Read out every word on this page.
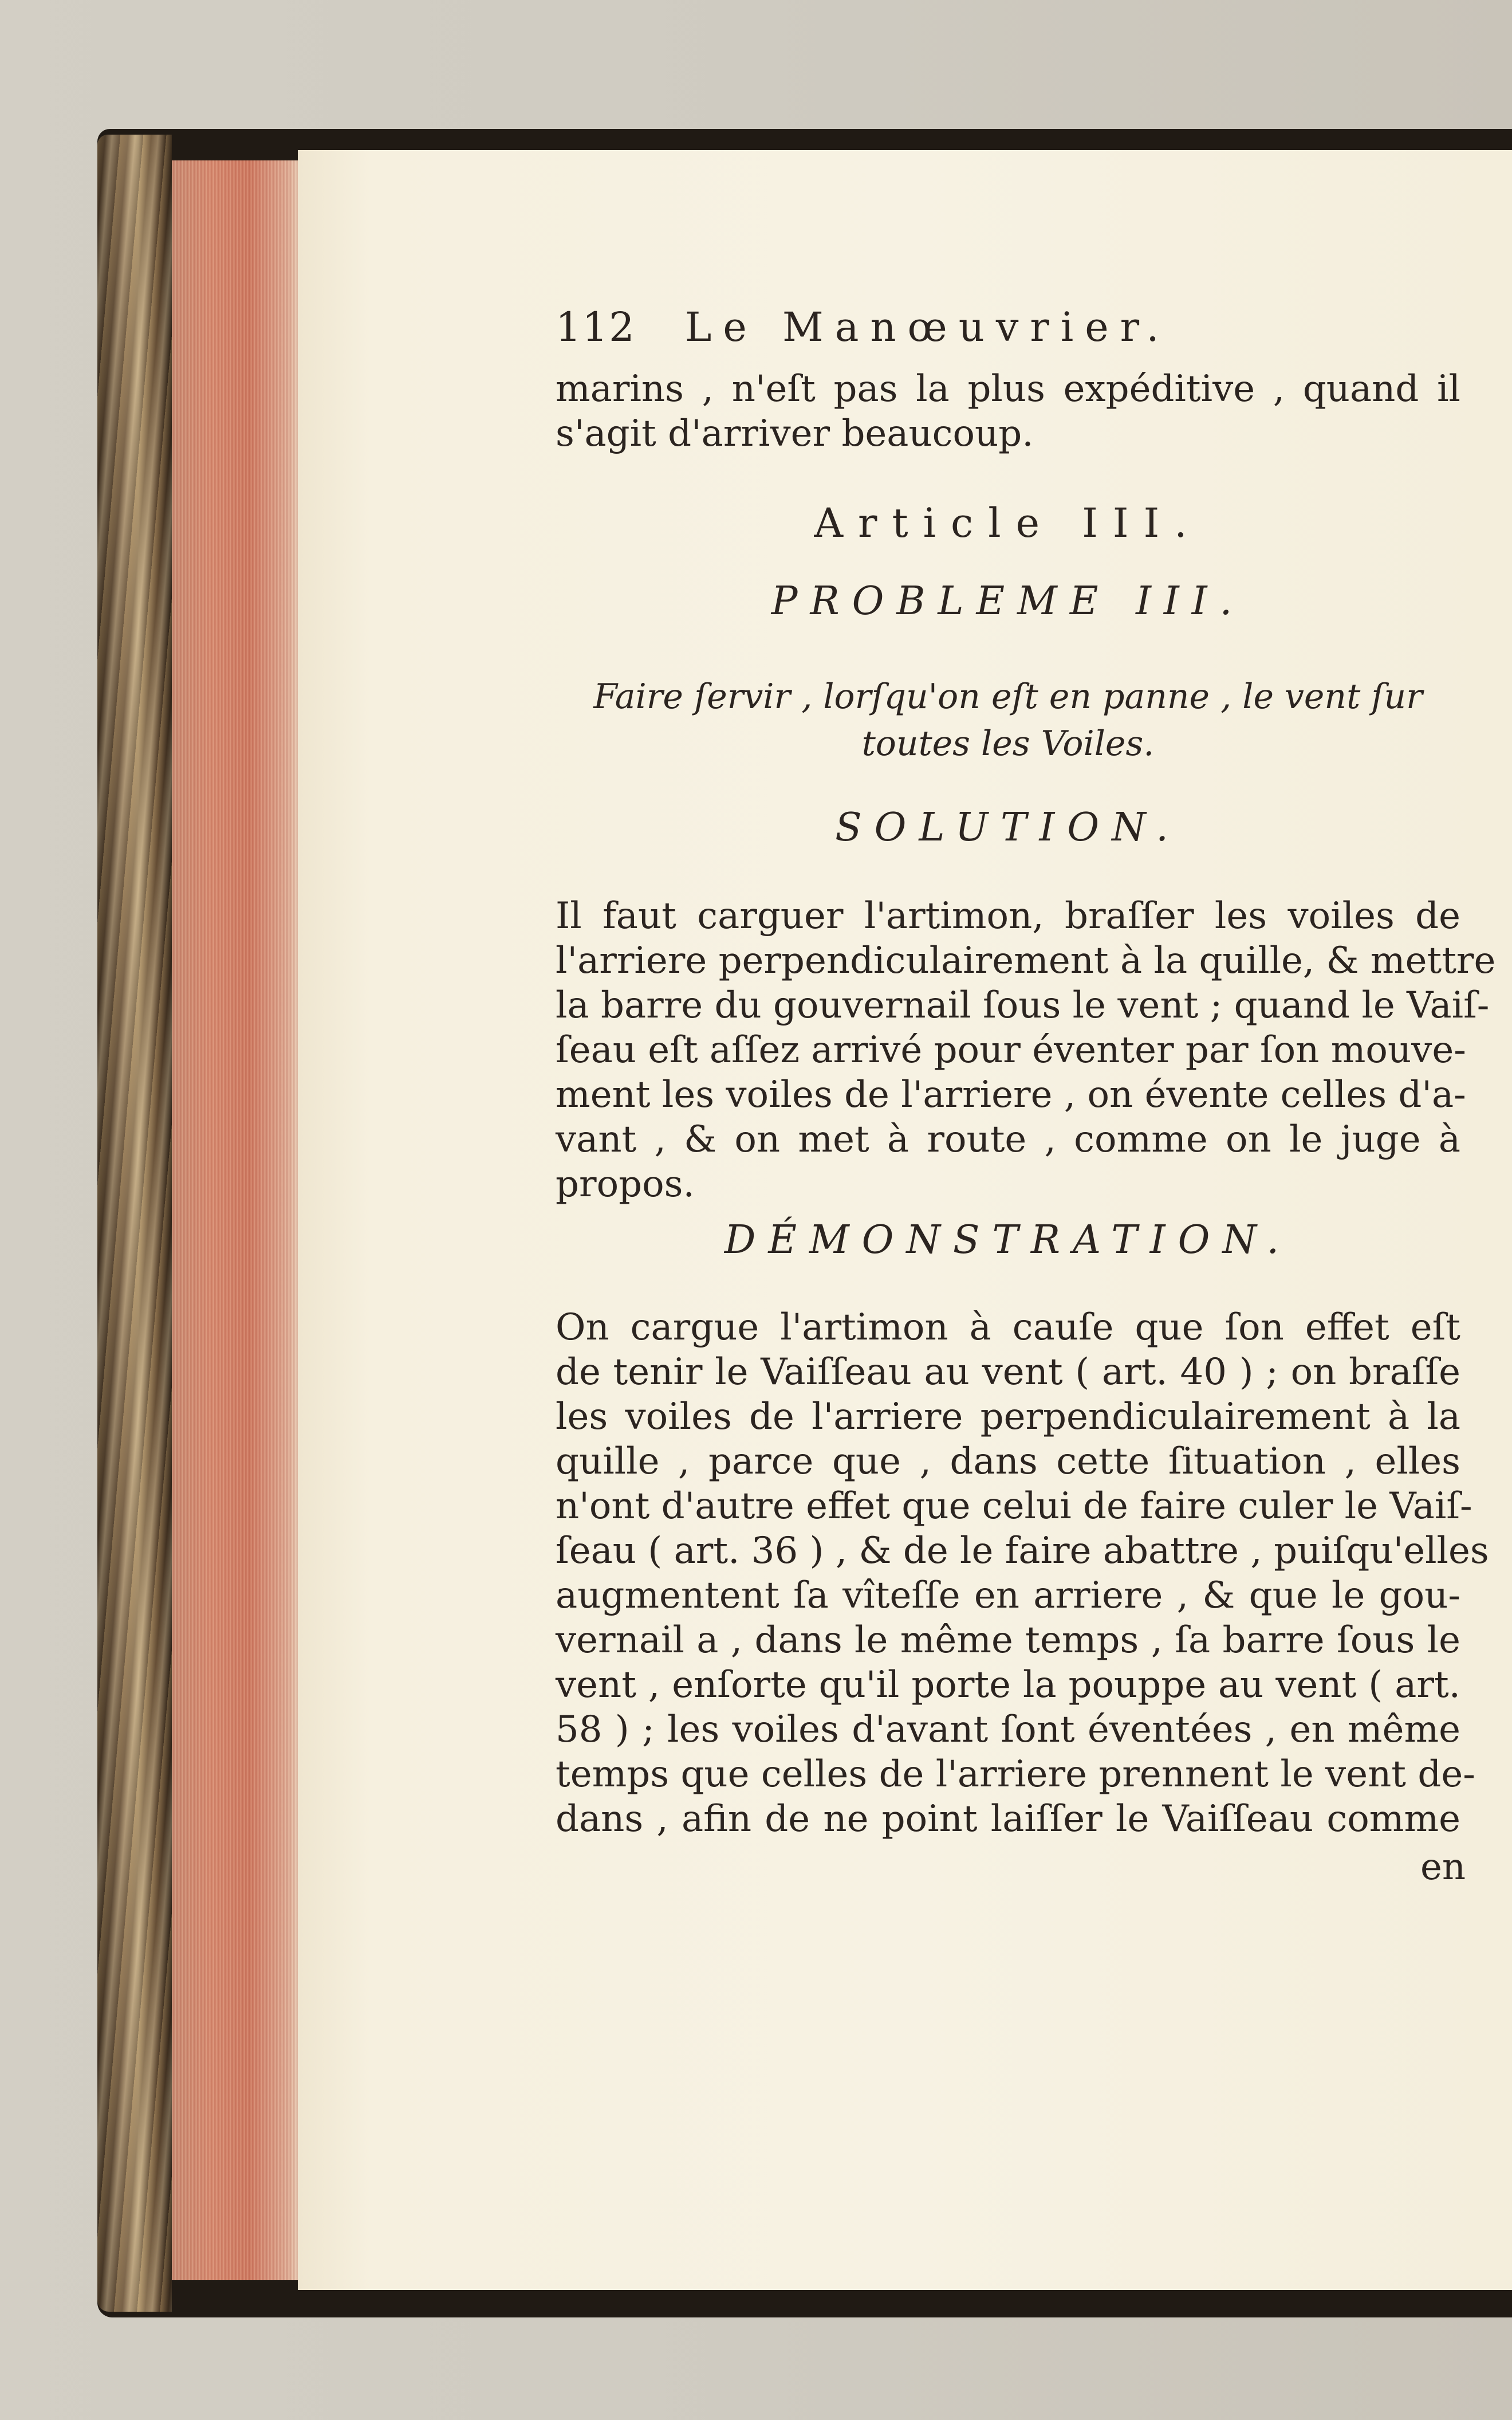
112 Le Manœuvrier.
marins , n'eſt pas la plus expéditive , quand il
s'agit d'arriver beaucoup.
Article III.
PROBLEME III.
Faire ſervir , lorſqu'on eſt en panne , le vent ſur
toutes les Voiles.
SOLUTION.
Il faut carguer l'artimon, braſſer les voiles de
l'arriere perpendiculairement à la quille, & mettre
la barre du gouvernail ſous le vent ; quand le Vaiſ-
ſeau eſt aſſez arrivé pour éventer par ſon mouve-
ment les voiles de l'arriere , on évente celles d'a-
vant , & on met à route , comme on le juge à
propos.
DÉMONSTRATION.
On cargue l'artimon à cauſe que ſon effet eſt
de tenir le Vaiſſeau au vent ( art. 40 ) ; on braſſe
les voiles de l'arriere perpendiculairement à la
quille , parce que , dans cette ſituation , elles
n'ont d'autre effet que celui de faire culer le Vaiſ-
ſeau ( art. 36 ) , & de le faire abattre , puiſqu'elles
augmentent ſa vîteſſe en arriere , & que le gou-
vernail a , dans le même temps , ſa barre ſous le
vent , enſorte qu'il porte la pouppe au vent ( art.
58 ) ; les voiles d'avant ſont éventées , en même
temps que celles de l'arriere prennent le vent de-
dans , afin de ne point laiſſer le Vaiſſeau comme
en
